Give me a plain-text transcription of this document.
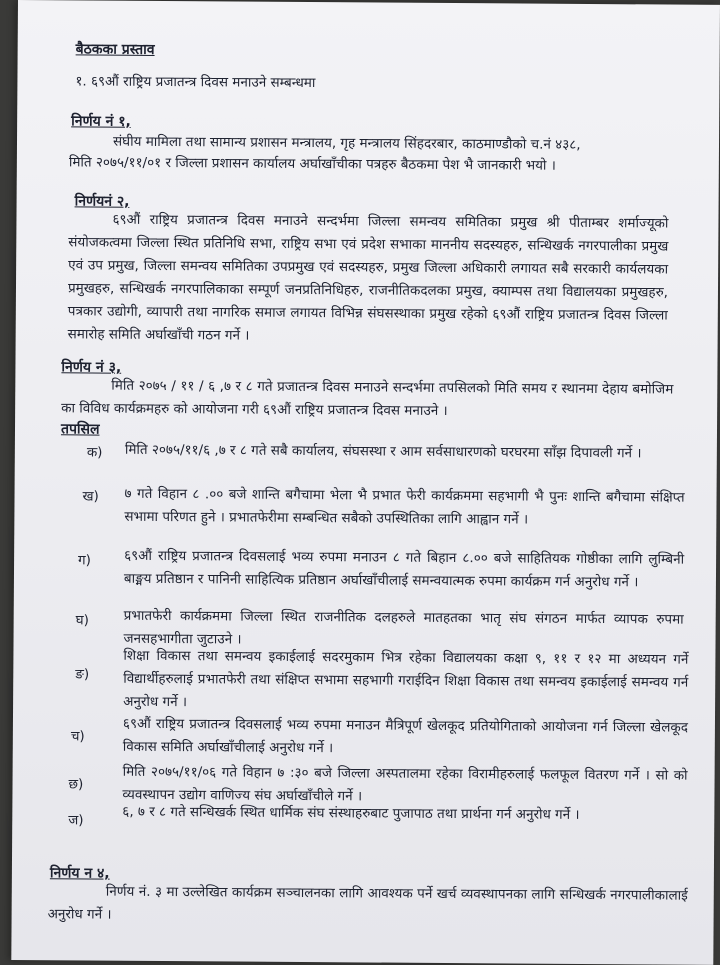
बैठकका प्रस्ताव
१. ६९औं राष्ट्रिय प्रजातन्त्र दिवस मनाउने सम्बन्धमा
निर्णय नं १,
संघीय मामिला तथा सामान्य प्रशासन मन्त्रालय, गृह मन्त्रालय सिंहदरबार, काठमाण्डौको च.नं ४३८,
मिति २०७५/११/०१ र जिल्ला प्रशासन कार्यालय अर्घाखाँचीका पत्रहरु बैठकमा पेश भै जानकारी भयो ।
निर्णयनं २,
६९औं राष्ट्रिय प्रजातन्त्र दिवस मनाउने सन्दर्भमा जिल्ला समन्वय समितिका प्रमुख श्री पीताम्बर शर्माज्यूको संयोजकत्वमा जिल्ला स्थित प्रतिनिधि सभा, राष्ट्रिय सभा एवं प्रदेश सभाका माननीय सदस्यहरु, सन्धिखर्क नगरपालीका प्रमुख एवं उप प्रमुख, जिल्ला समन्वय समितिका उपप्रमुख एवं सदस्यहरु, प्रमुख जिल्ला अधिकारी लगायत सबै सरकारी कार्यलयका प्रमुखहरु, सन्धिखर्क नगरपालिकाका सम्पूर्ण जनप्रतिनिधिहरु, राजनीतिकदलका प्रमुख, क्याम्पस तथा विद्यालयका प्रमुखहरु, पत्रकार उद्योगी, व्यापारी तथा नागरिक समाज लगायत विभिन्न संघसस्थाका प्रमुख रहेको ६९औं राष्ट्रिय प्रजातन्त्र दिवस जिल्ला समारोह समिति अर्घाखाँची गठन गर्ने ।
निर्णय नं ३,
मिति २०७५ / ११ / ६ ,७ र ८ गते प्रजातन्त्र दिवस मनाउने सन्दर्भमा तपसिलको मिति समय र स्थानमा देहाय बमोजिम का विविध कार्यक्रमहरु को आयोजना गरी ६९औं राष्ट्रिय प्रजातन्त्र दिवस मनाउने ।
तपसिल
क) मिति २०७५/११/६ ,७ र ८ गते सबै कार्यालय, संघसस्था र आम सर्वसाधारणको घरघरमा साँझ दिपावली गर्ने ।
ख) ७ गते विहान ८ .०० बजे शान्ति बगैचामा भेला भै प्रभात फेरी कार्यक्रममा सहभागी भै पुनः शान्ति बगैचामा संक्षिप्त सभामा परिणत हुने । प्रभातफेरीमा सम्बन्धित सबैको उपस्थितिका लागि आह्वान गर्ने ।
ग) ६९औं राष्ट्रिय प्रजातन्त्र दिवसलाई भव्य रुपमा मनाउन ८ गते बिहान ८.०० बजे साहितियक गोष्ठीका लागि लुम्बिनी बाङ्मय प्रतिष्ठान र पानिनी साहित्यिक प्रतिष्ठान अर्घाखाँचीलाई समन्वयात्मक रुपमा कार्यक्रम गर्न अनुरोध गर्ने ।
घ)	प्रभातफेरी कार्यक्रममा जिल्ला स्थित राजनीतिक दलहरुले मातहतका भातृ संघ संगठन मार्फत व्यापक रुपमा जनसहभागीता जुटाउने ।
ङ)
शिक्षा विकास तथा समन्वय इकाईलाई सदरमुकाम भित्र रहेका विद्यालयका कक्षा ९, ११ र १२ मा अध्ययन गर्ने विद्यार्थीहरुलाई प्रभातफेरी तथा संक्षिप्त सभामा सहभागी गराईदिन शिक्षा विकास तथा समन्वय इकाईलाई समन्वय गर्न अनुरोध गर्ने ।
च)
६९औं राष्ट्रिय प्रजातन्त्र दिवसलाई भव्य रुपमा मनाउन मैत्रिपूर्ण खेलकूद प्रतियोगिताको आयोजना गर्न जिल्ला खेलकूद विकास समिति अर्घाखाँचीलाई अनुरोध गर्ने ।
छ)
मिति २०७५/११/०६ गते विहान ७ :३० बजे जिल्ला अस्पतालमा रहेका विरामीहरुलाई फलफूल वितरण गर्ने । सो को व्यवस्थापन उद्योग वाणिज्य संघ अर्घाखाँचीले गर्ने ।
ज)	६, ७ र ८ गते सन्धिखर्क स्थित धार्मिक संघ संस्थाहरुबाट पुजापाठ तथा प्रार्थना गर्न अनुरोध गर्ने ।
निर्णय न ४,
निर्णय नं. ३ मा उल्लेखित कार्यक्रम सञ्चालनका लागि आवश्यक पर्ने खर्च व्यवस्थापनका लागि सन्धिखर्क नगरपालीकालाई अनुरोध गर्ने ।
